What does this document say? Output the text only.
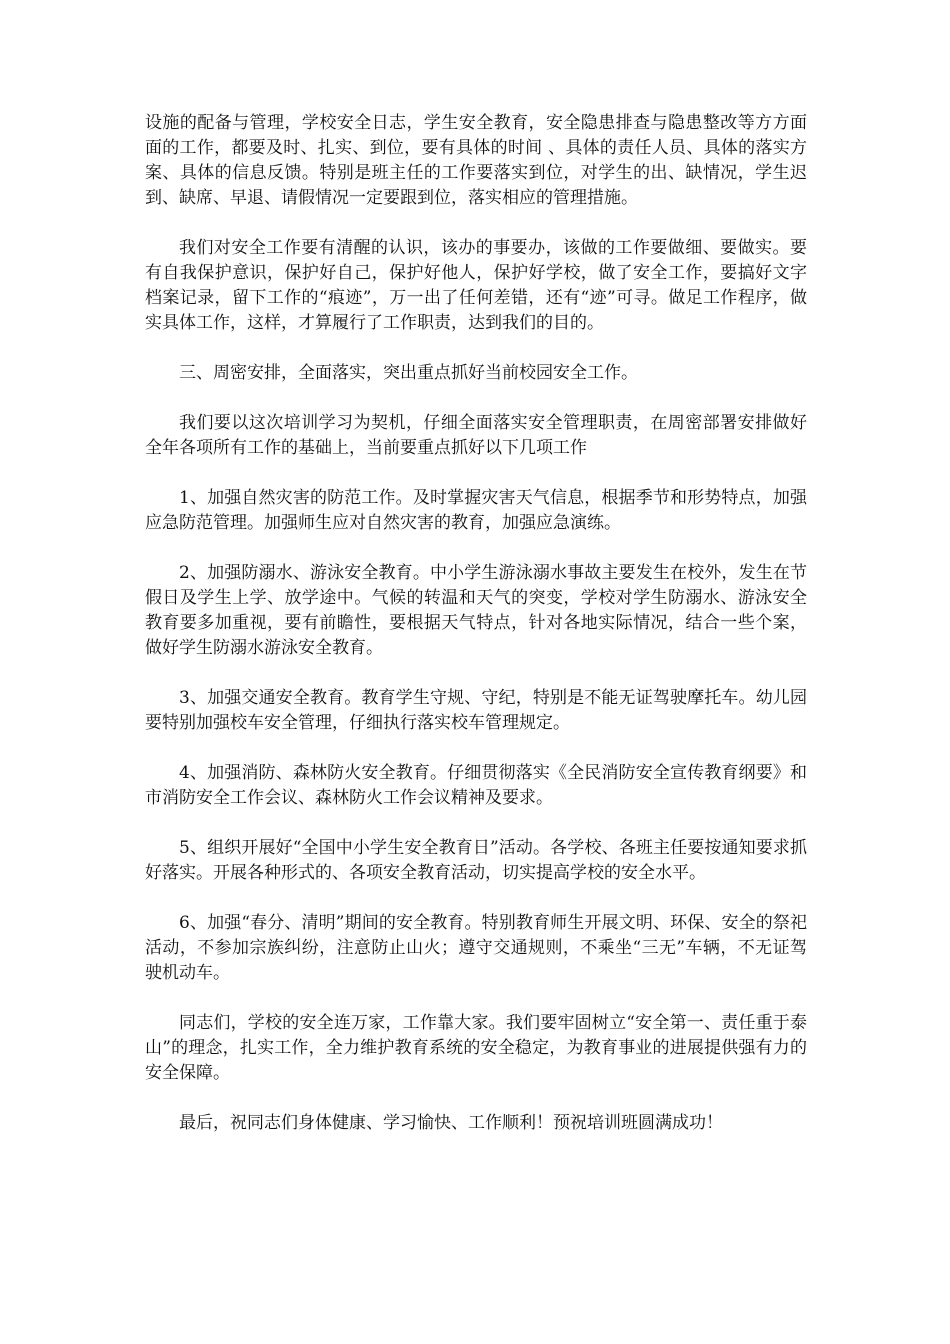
设施的配备与管理，学校安全日志，学生安全教育，安全隐患排查与隐患整改等方方面面的工作，都要及时、扎实、到位，要有具体的时间 、具体的责任人员、具体的落实方案、具体的信息反馈。特别是班主任的工作要落实到位，对学生的出、缺情况，学生迟到、缺席、早退、请假情况一定要跟到位，落实相应的管理措施。

我们对安全工作要有清醒的认识，该办的事要办，该做的工作要做细、要做实。要有自我保护意识，保护好自己，保护好他人，保护好学校，做了安全工作，要搞好文字档案记录，留下工作的“痕迹”，万一出了任何差错，还有“迹”可寻。做足工作程序，做实具体工作，这样，才算履行了工作职责，达到我们的目的。

三、周密安排，全面落实，突出重点抓好当前校园安全工作。

我们要以这次培训学习为契机，仔细全面落实安全管理职责，在周密部署安排做好全年各项所有工作的基础上，当前要重点抓好以下几项工作

1、加强自然灾害的防范工作。及时掌握灾害天气信息，根据季节和形势特点，加强应急防范管理。加强师生应对自然灾害的教育，加强应急演练。

2、加强防溺水、游泳安全教育。中小学生游泳溺水事故主要发生在校外，发生在节假日及学生上学、放学途中。气候的转温和天气的突变，学校对学生防溺水、游泳安全教育要多加重视，要有前瞻性，要根据天气特点，针对各地实际情况，结合一些个案，做好学生防溺水游泳安全教育。

3、加强交通安全教育。教育学生守规、守纪，特别是不能无证驾驶摩托车。幼儿园要特别加强校车安全管理，仔细执行落实校车管理规定。

4、加强消防、森林防火安全教育。仔细贯彻落实《全民消防安全宣传教育纲要》和市消防安全工作会议、森林防火工作会议精神及要求。

5、组织开展好“全国中小学生安全教育日”活动。各学校、各班主任要按通知要求抓好落实。开展各种形式的、各项安全教育活动，切实提高学校的安全水平。

6、加强“春分、清明”期间的安全教育。特别教育师生开展文明、环保、安全的祭祀活动，不参加宗族纠纷，注意防止山火；遵守交通规则，不乘坐“三无”车辆，不无证驾驶机动车。

同志们，学校的安全连万家，工作靠大家。我们要牢固树立“安全第一、责任重于泰山”的理念，扎实工作，全力维护教育系统的安全稳定，为教育事业的进展提供强有力的安全保障。

最后，祝同志们身体健康、学习愉快、工作顺利！预祝培训班圆满成功！
